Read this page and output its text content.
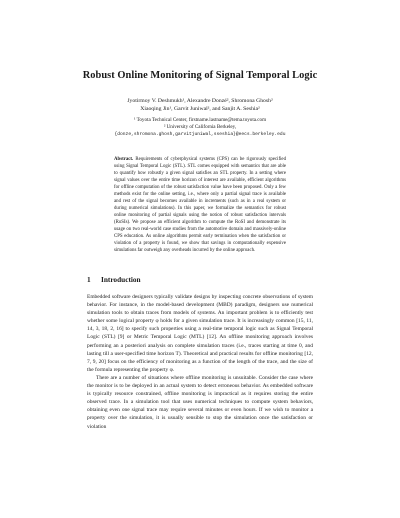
Robust Online Monitoring of Signal Temporal Logic
Jyotirmoy V. Deshmukh¹, Alexandre Donzé², Shromona Ghosh²
Xiaoqing Jin¹, Garvit Juniwal², and Sanjit A. Seshia²
¹ Toyota Technical Center, firstname.lastname@tema.toyota.com
² University of California Berkeley,
{donze,shromona.ghosh,garvitjuniwal,sseshia}@eecs.berkeley.edu

Abstract. Requirements of cyberphysical systems (CPS) can be rigorously specified using Signal Temporal Logic (STL). STL comes equipped with semantics that are able to quantify how robustly a given signal satisfies an STL property. In a setting where signal values over the entire time horizon of interest are available, efficient algorithms for offline computation of the robust satisfaction value have been proposed. Only a few methods exist for the online setting, i.e., where only a partial signal trace is available and rest of the signal becomes available in increments (such as in a real system or during numerical simulations). In this paper, we formalize the semantics for robust online monitoring of partial signals using the notion of robust satisfaction intervals (RoSIs). We propose an efficient algorithm to compute the RoSI and demonstrate its usage on two real-world case studies from the automotive domain and massively-online CPS education. As online algorithms permit early termination when the satisfaction or violation of a property is found, we show that savings in computationally expensive simulations far outweigh any overheads incurred by the online approach.

1 Introduction

Embedded software designers typically validate designs by inspecting concrete observations of system behavior. For instance, in the model-based development (MBD) paradigm, designers use numerical simulation tools to obtain traces from models of systems. An important problem is to efficiently test whether some logical property φ holds for a given simulation trace. It is increasingly common [15, 11, 14, 3, 18, 2, 16] to specify such properties using a real-time temporal logic such as Signal Temporal Logic (STL) [9] or Metric Temporal Logic (MTL) [12]. An offline monitoring approach involves performing an a posteriori analysis on complete simulation traces (i.e., traces starting at time 0, and lasting till a user-specified time horizon T). Theoretical and practical results for offline monitoring [12, 7, 9, 20] focus on the efficiency of monitoring as a function of the length of the trace, and the size of the formula representing the property φ.

There are a number of situations where offline monitoring is unsuitable. Consider the case where the monitor is to be deployed in an actual system to detect erroneous behavior. As embedded software is typically resource constrained, offline monitoring is impractical as it requires storing the entire observed trace. In a simulation tool that uses numerical techniques to compute system behaviors, obtaining even one signal trace may require several minutes or even hours. If we wish to monitor a property over the simulation, it is usually sensible to stop the simulation once the satisfaction or violation
